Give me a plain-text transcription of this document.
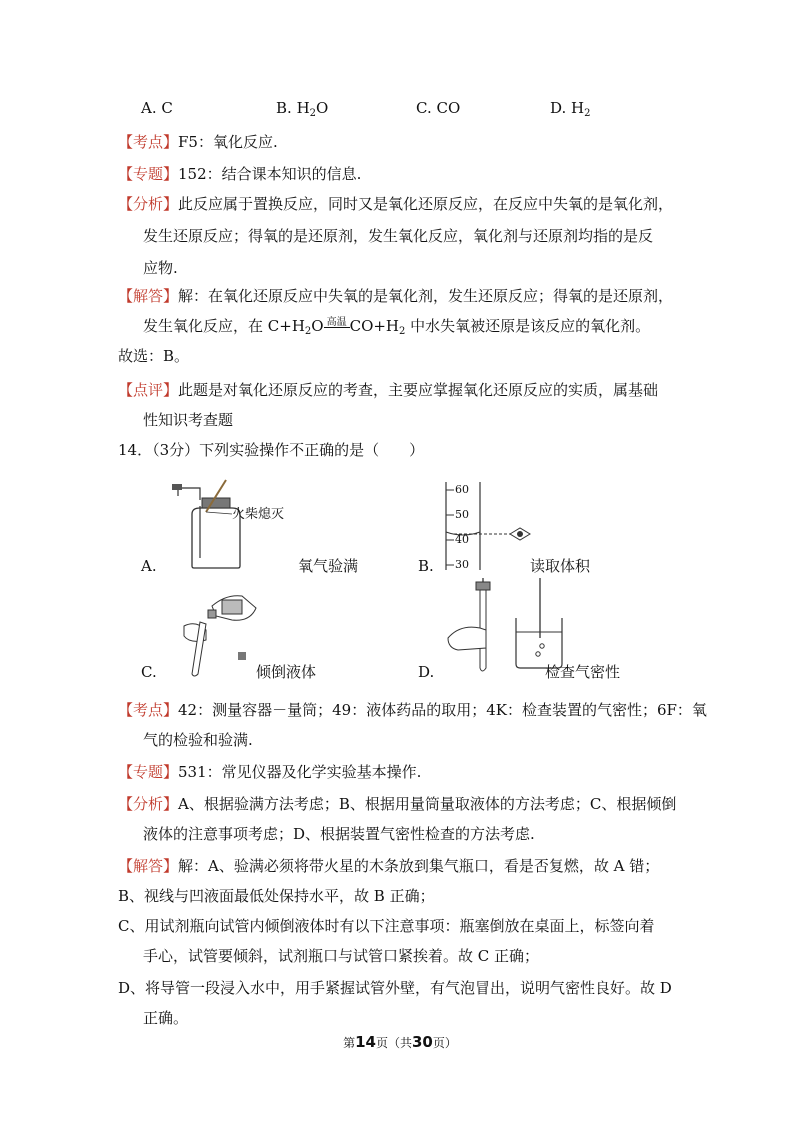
A. C	B. $H_2O$	C. CO	D. $H_2$
【考点】F5：氧化反应.
【专题】152：结合课本知识的信息.
【分析】此反应属于置换反应，同时又是氧化还原反应，在反应中失氧的是氧化剂，
发生还原反应；得氧的是还原剂，发生氧化反应，氧化剂与还原剂均指的是反
应物.
【解答】解：在氧化还原反应中失氧的是氧化剂，发生还原反应；得氧的是还原剂，
发生氧化反应，在 $C+H_2O$ 高温 $CO+H_2$ 中水失氧被还原是该反应的氧化剂。
故选：B。
【点评】此题是对氧化还原反应的考查，主要应掌握氧化还原反应的实质，属基础
性知识考查题
14．（3分）下列实验操作不正确的是（　　）
A.
火柴熄灭
氧气验满	B.
60
50
40
30	读取体积
C.	倾倒液体	D.	检查气密性
【考点】42：测量容器－量筒；49：液体药品的取用；4K：检查装置的气密性；6F：氧
气的检验和验满.
【专题】531：常见仪器及化学实验基本操作.
【分析】A、根据验满方法考虑；B、根据用量筒量取液体的方法考虑；C、根据倾倒
液体的注意事项考虑；D、根据装置气密性检查的方法考虑.
【解答】解：A、验满必须将带火星的木条放到集气瓶口，看是否复燃，故 A 错；
B、视线与凹液面最低处保持水平，故 B 正确；
C、用试剂瓶向试管内倾倒液体时有以下注意事项：瓶塞倒放在桌面上，标签向着
手心，试管要倾斜，试剂瓶口与试管口紧挨着。故 C 正确；
D、将导管一段浸入水中，用手紧握试管外壁，有气泡冒出，说明气密性良好。故 D
正确。
第14页（共30页）
